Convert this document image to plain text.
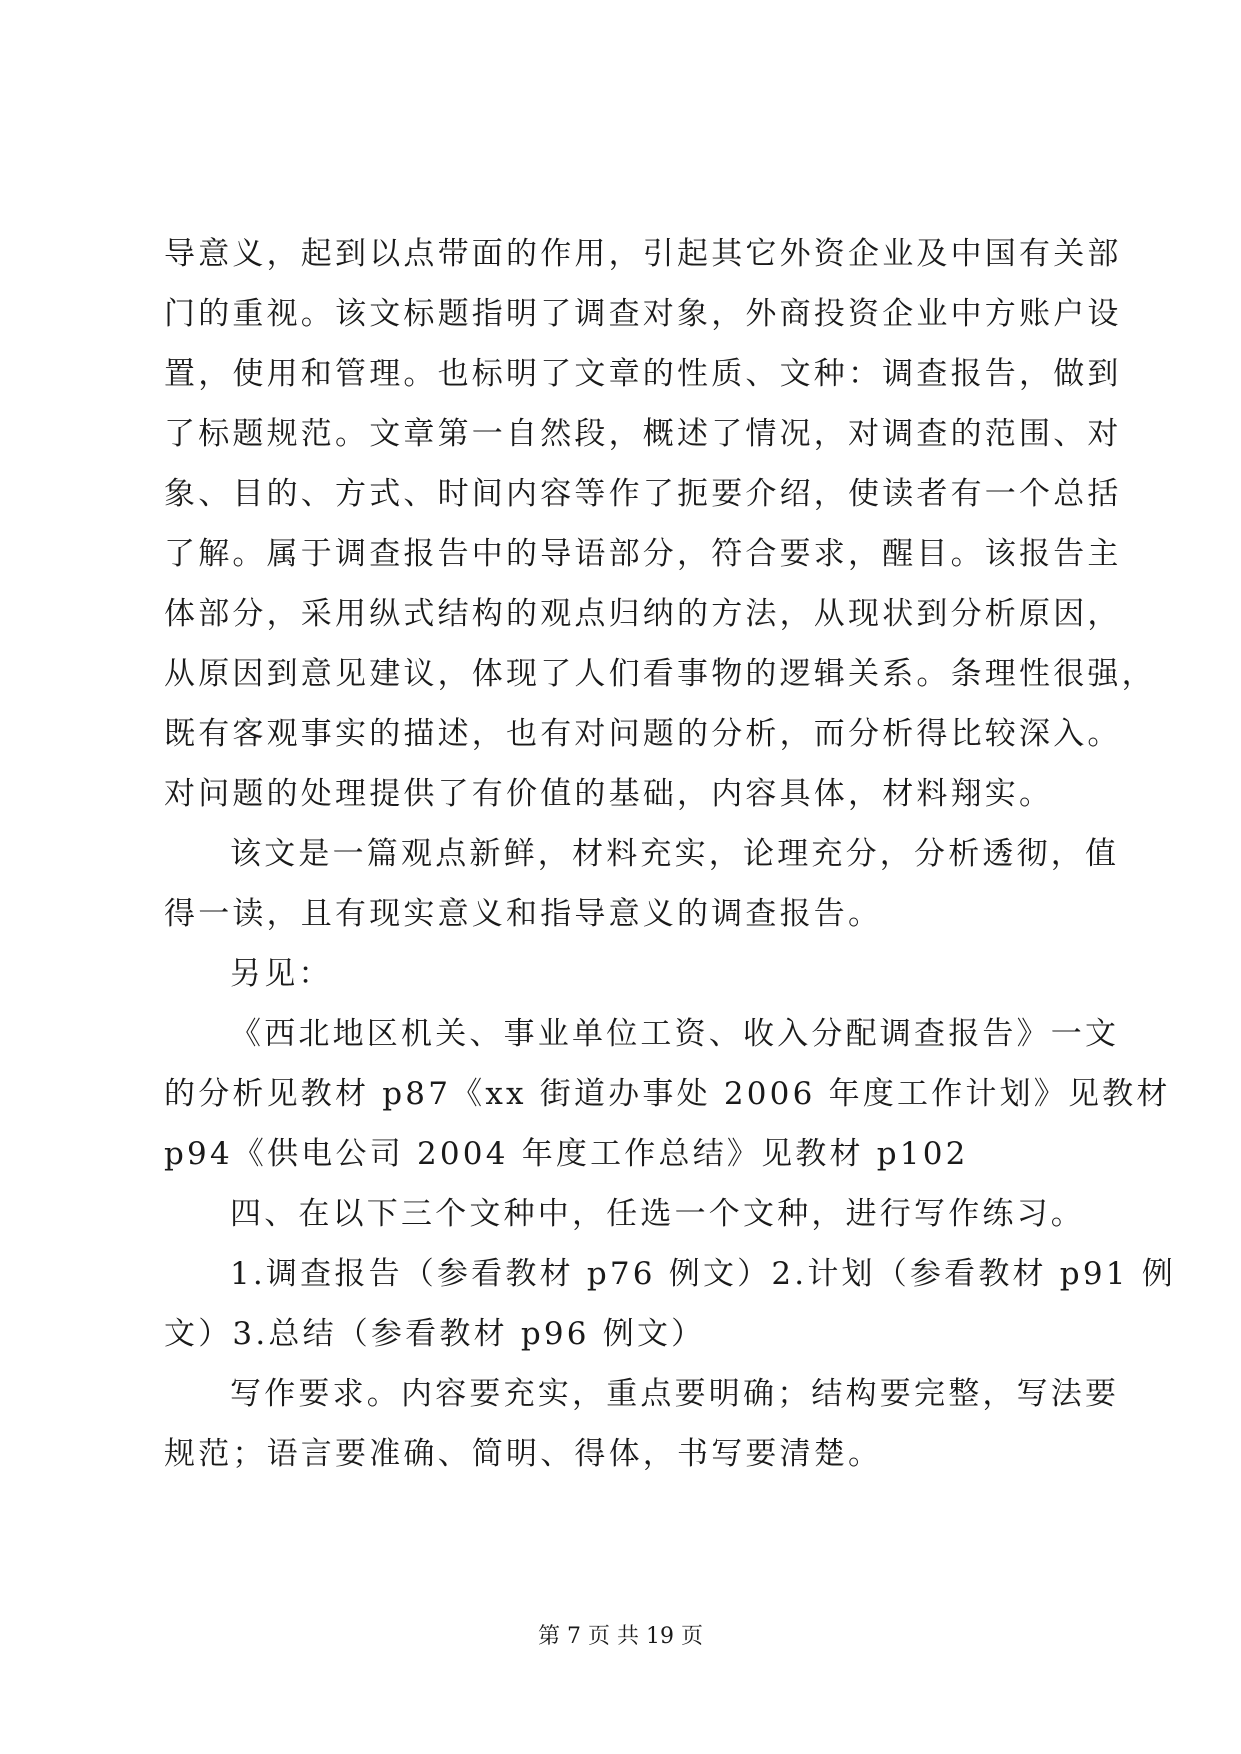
导意义，起到以点带面的作用，引起其它外资企业及中国有关部
门的重视。该文标题指明了调查对象，外商投资企业中方账户设
置，使用和管理。也标明了文章的性质、文种：调查报告，做到
了标题规范。文章第一自然段，概述了情况，对调查的范围、对
象、目的、方式、时间内容等作了扼要介绍，使读者有一个总括
了解。属于调查报告中的导语部分，符合要求，醒目。该报告主
体部分，采用纵式结构的观点归纳的方法，从现状到分析原因，
从原因到意见建议，体现了人们看事物的逻辑关系。条理性很强，
既有客观事实的描述，也有对问题的分析，而分析得比较深入。
对问题的处理提供了有价值的基础，内容具体，材料翔实。
该文是一篇观点新鲜，材料充实，论理充分，分析透彻，值
得一读，且有现实意义和指导意义的调查报告。
另见：
《西北地区机关、事业单位工资、收入分配调查报告》一文
的分析见教材 p87《xx 街道办事处 2006 年度工作计划》见教材
p94《供电公司 2004 年度工作总结》见教材 p102
四、在以下三个文种中，任选一个文种，进行写作练习。
1.调查报告（参看教材 p76 例文）2.计划（参看教材 p91 例
文）3.总结（参看教材 p96 例文）
写作要求。内容要充实，重点要明确；结构要完整，写法要
规范；语言要准确、简明、得体，书写要清楚。
第 7 页 共 19 页
